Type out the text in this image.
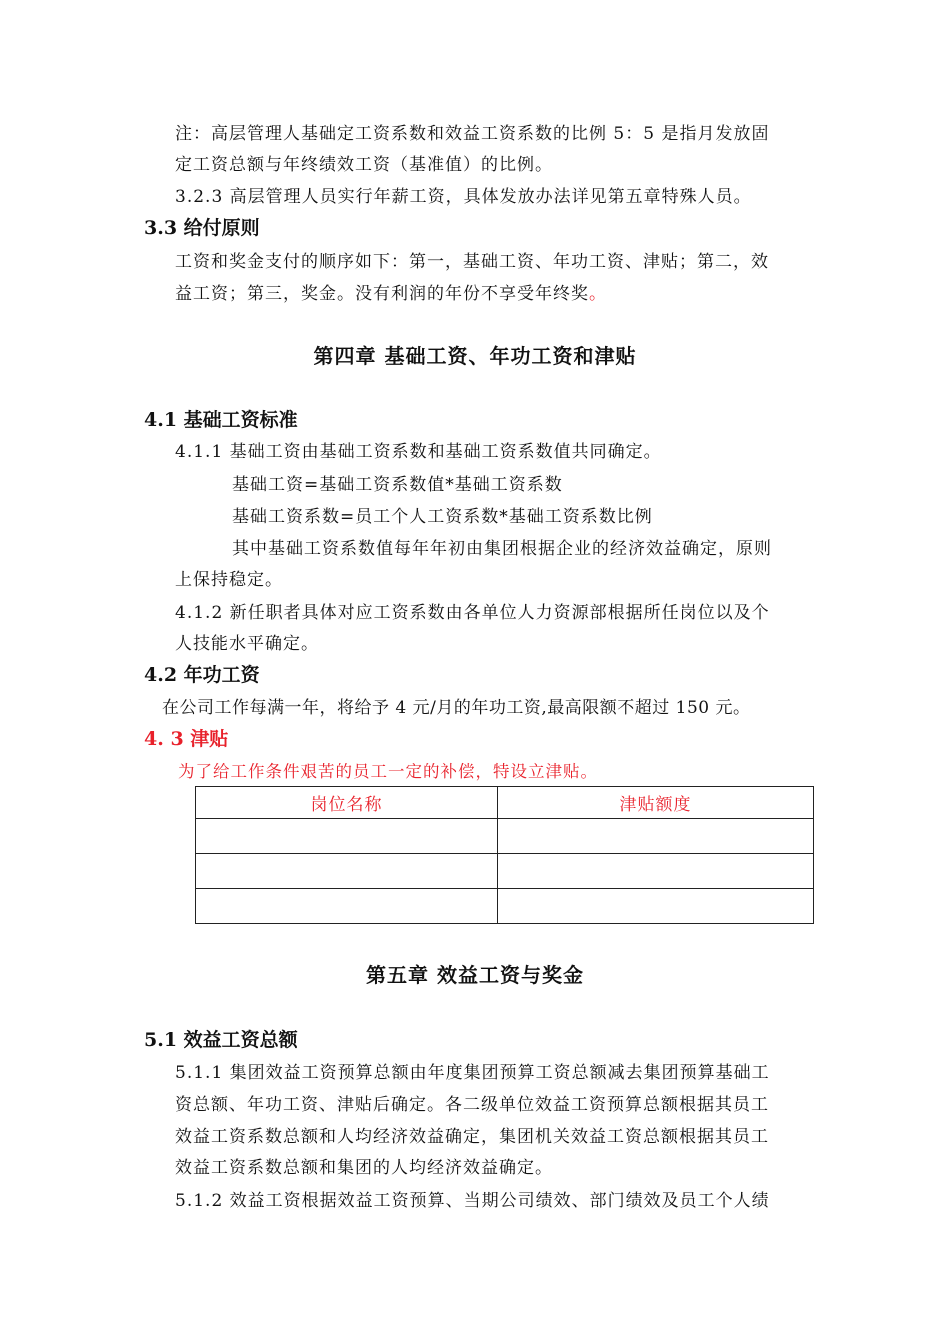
注：高层管理人基础定工资系数和效益工资系数的比例 5：5 是指月发放固
定工资总额与年终绩效工资（基准值）的比例。
3.2.3 高层管理人员实行年薪工资，具体发放办法详见第五章特殊人员。
3.3 给付原则
工资和奖金支付的顺序如下：第一，基础工资、年功工资、津贴；第二，效
益工资；第三，奖金。没有利润的年份不享受年终奖。
第四章 基础工资、年功工资和津贴
4.1 基础工资标准
4.1.1 基础工资由基础工资系数和基础工资系数值共同确定。
基础工资=基础工资系数值*基础工资系数
基础工资系数=员工个人工资系数*基础工资系数比例
其中基础工资系数值每年年初由集团根据企业的经济效益确定，原则
上保持稳定。
4.1.2 新任职者具体对应工资系数由各单位人力资源部根据所任岗位以及个
人技能水平确定。
4.2 年功工资
在公司工作每满一年，将给予 4 元/月的年功工资,最高限额不超过 150 元。
4. 3 津贴
为了给工作条件艰苦的员工一定的补偿，特设立津贴。
岗位名称	津贴额度

第五章 效益工资与奖金
5.1 效益工资总额
5.1.1 集团效益工资预算总额由年度集团预算工资总额减去集团预算基础工
资总额、年功工资、津贴后确定。各二级单位效益工资预算总额根据其员工
效益工资系数总额和人均经济效益确定，集团机关效益工资总额根据其员工
效益工资系数总额和集团的人均经济效益确定。
5.1.2 效益工资根据效益工资预算、当期公司绩效、部门绩效及员工个人绩
